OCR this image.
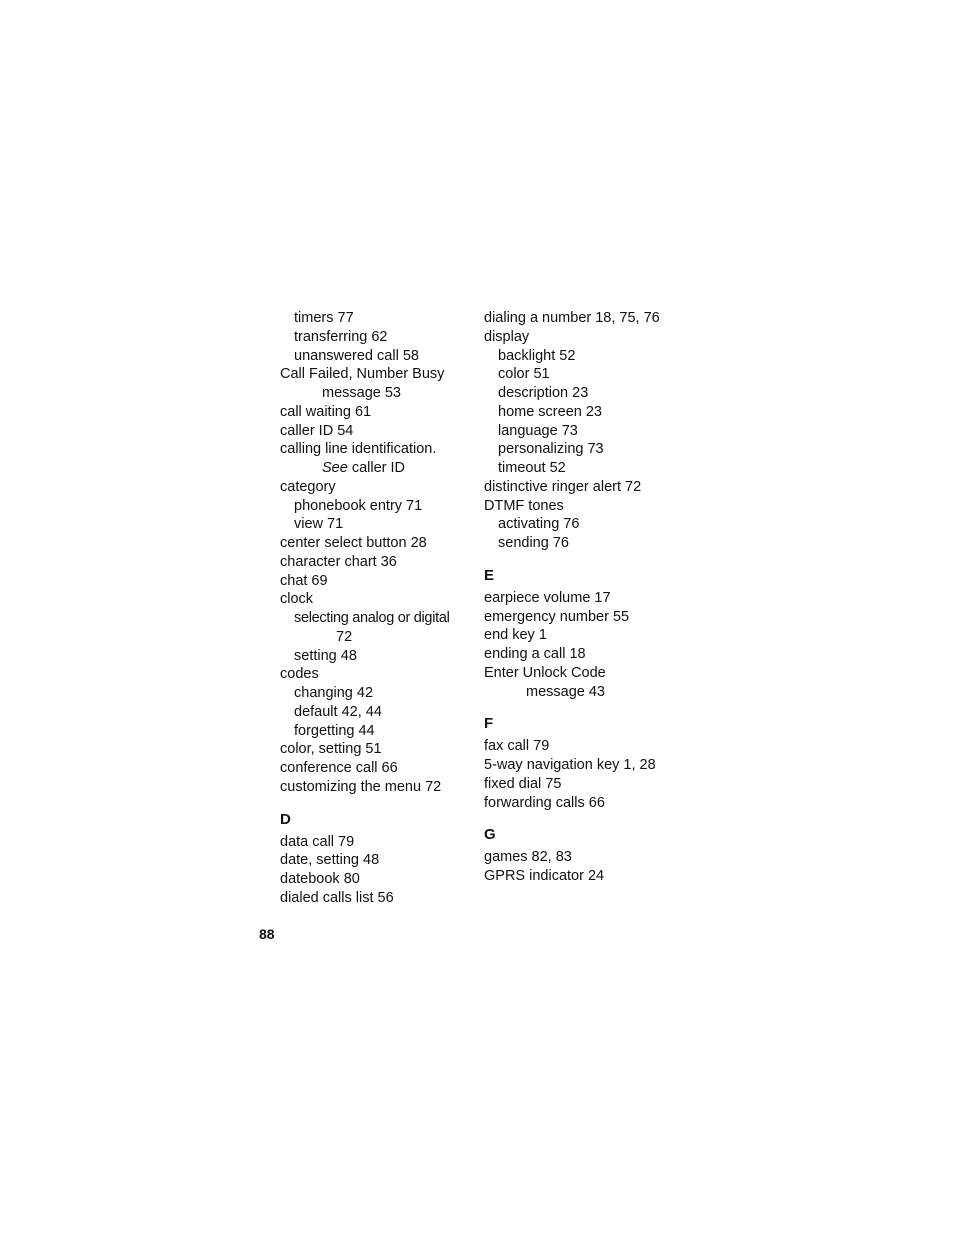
timers 77
transferring 62
unanswered call 58
Call Failed, Number Busy
message 53
call waiting 61
caller ID 54
calling line identification.
See caller ID
category
phonebook entry 71
view 71
center select button 28
character chart 36
chat 69
clock
selecting analog or digital
72
setting 48
codes
changing 42
default 42, 44
forgetting 44
color, setting 51
conference call 66
customizing the menu 72
D
data call 79
date, setting 48
datebook 80
dialed calls list 56
dialing a number 18, 75, 76
display
backlight 52
color 51
description 23
home screen 23
language 73
personalizing 73
timeout 52
distinctive ringer alert 72
DTMF tones
activating 76
sending 76
E
earpiece volume 17
emergency number 55
end key 1
ending a call 18
Enter Unlock Code
message 43
F
fax call 79
5-way navigation key 1, 28
fixed dial 75
forwarding calls 66
G
games 82, 83
GPRS indicator 24
88
